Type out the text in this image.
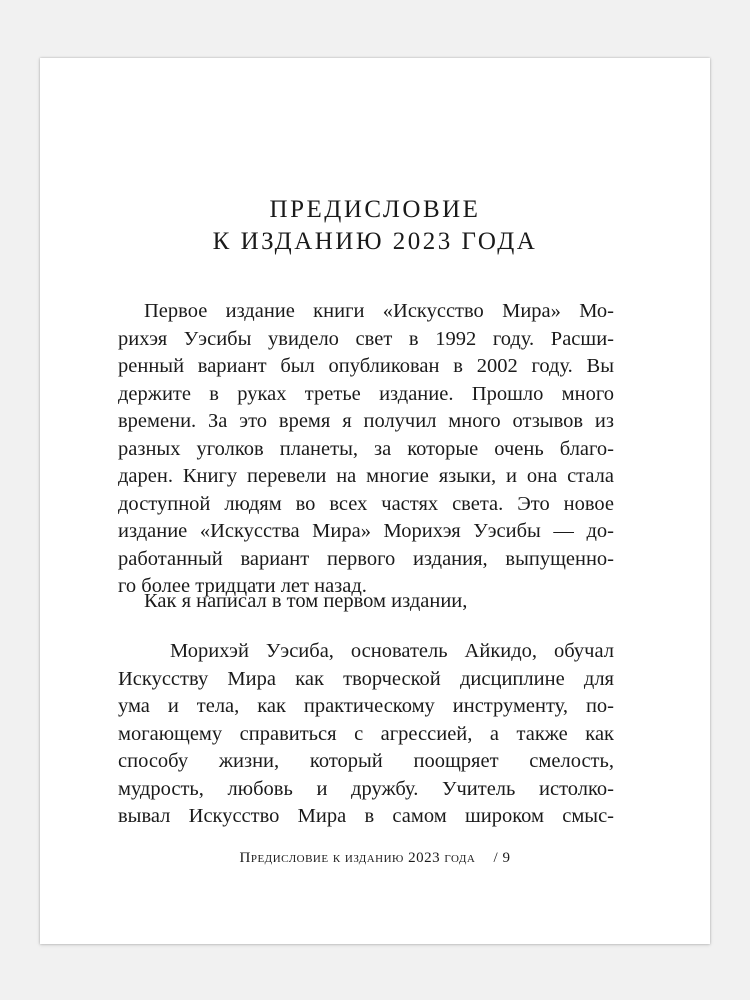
ПРЕДИСЛОВИЕ
К ИЗДАНИЮ 2023 ГОДА
Первое издание книги «Искусство Мира» Мо-
рихэя Уэсибы увидело свет в 1992 году. Расши-
ренный вариант был опубликован в 2002 году. Вы
держите в руках третье издание. Прошло много
времени. За это время я получил много отзывов из
разных уголков планеты, за которые очень благо-
дарен. Книгу перевели на многие языки, и она стала
доступной людям во всех частях света. Это новое
издание «Искусства Мира» Морихэя Уэсибы — до-
работанный вариант первого издания, выпущенно-
го более тридцати лет назад.
Как я написал в том первом издании,
Морихэй Уэсиба, основатель Айкидо, обучал
Искусству Мира как творческой дисциплине для
ума и тела, как практическому инструменту, по-
могающему справиться с агрессией, а также как
способу жизни, который поощряет смелость,
мудрость, любовь и дружбу. Учитель истолко-
вывал Искусство Мира в самом широком смыс-
Предисловие к изданию 2023 года / 9
